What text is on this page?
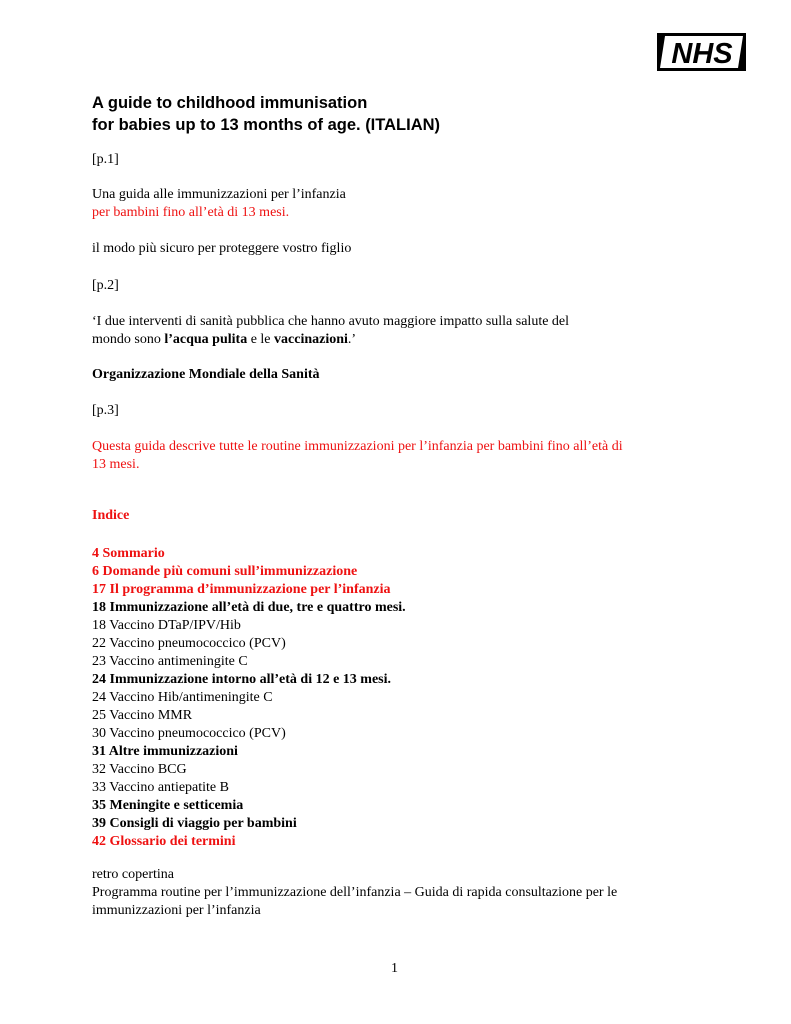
NHS
A guide to childhood immunisation
for babies up to 13 months of age. (ITALIAN)
[p.1]
Una guida alle immunizzazioni per l’infanzia
per bambini fino all’età di 13 mesi.
il modo più sicuro per proteggere vostro figlio
[p.2]
‘I due interventi di sanità pubblica che hanno avuto maggiore impatto sulla salute del
mondo sono l’acqua pulita e le vaccinazioni.’
Organizzazione Mondiale della Sanità
[p.3]
Questa guida descrive tutte le routine immunizzazioni per l’infanzia per bambini fino all’età di
13 mesi.
Indice
4 Sommario
6 Domande più comuni sull’immunizzazione
17 Il programma d’immunizzazione per l’infanzia
18 Immunizzazione all’età di due, tre e quattro mesi.
18 Vaccino DTaP/IPV/Hib
22 Vaccino pneumococcico (PCV)
23 Vaccino antimeningite C
24 Immunizzazione intorno all’età di 12 e 13 mesi.
24 Vaccino Hib/antimeningite C
25 Vaccino MMR
30 Vaccino pneumococcico (PCV)
31 Altre immunizzazioni
32 Vaccino BCG
33 Vaccino antiepatite B
35 Meningite e setticemia
39 Consigli di viaggio per bambini
42 Glossario dei termini
retro copertina
Programma routine per l’immunizzazione dell’infanzia – Guida di rapida consultazione per le
immunizzazioni per l’infanzia
1
